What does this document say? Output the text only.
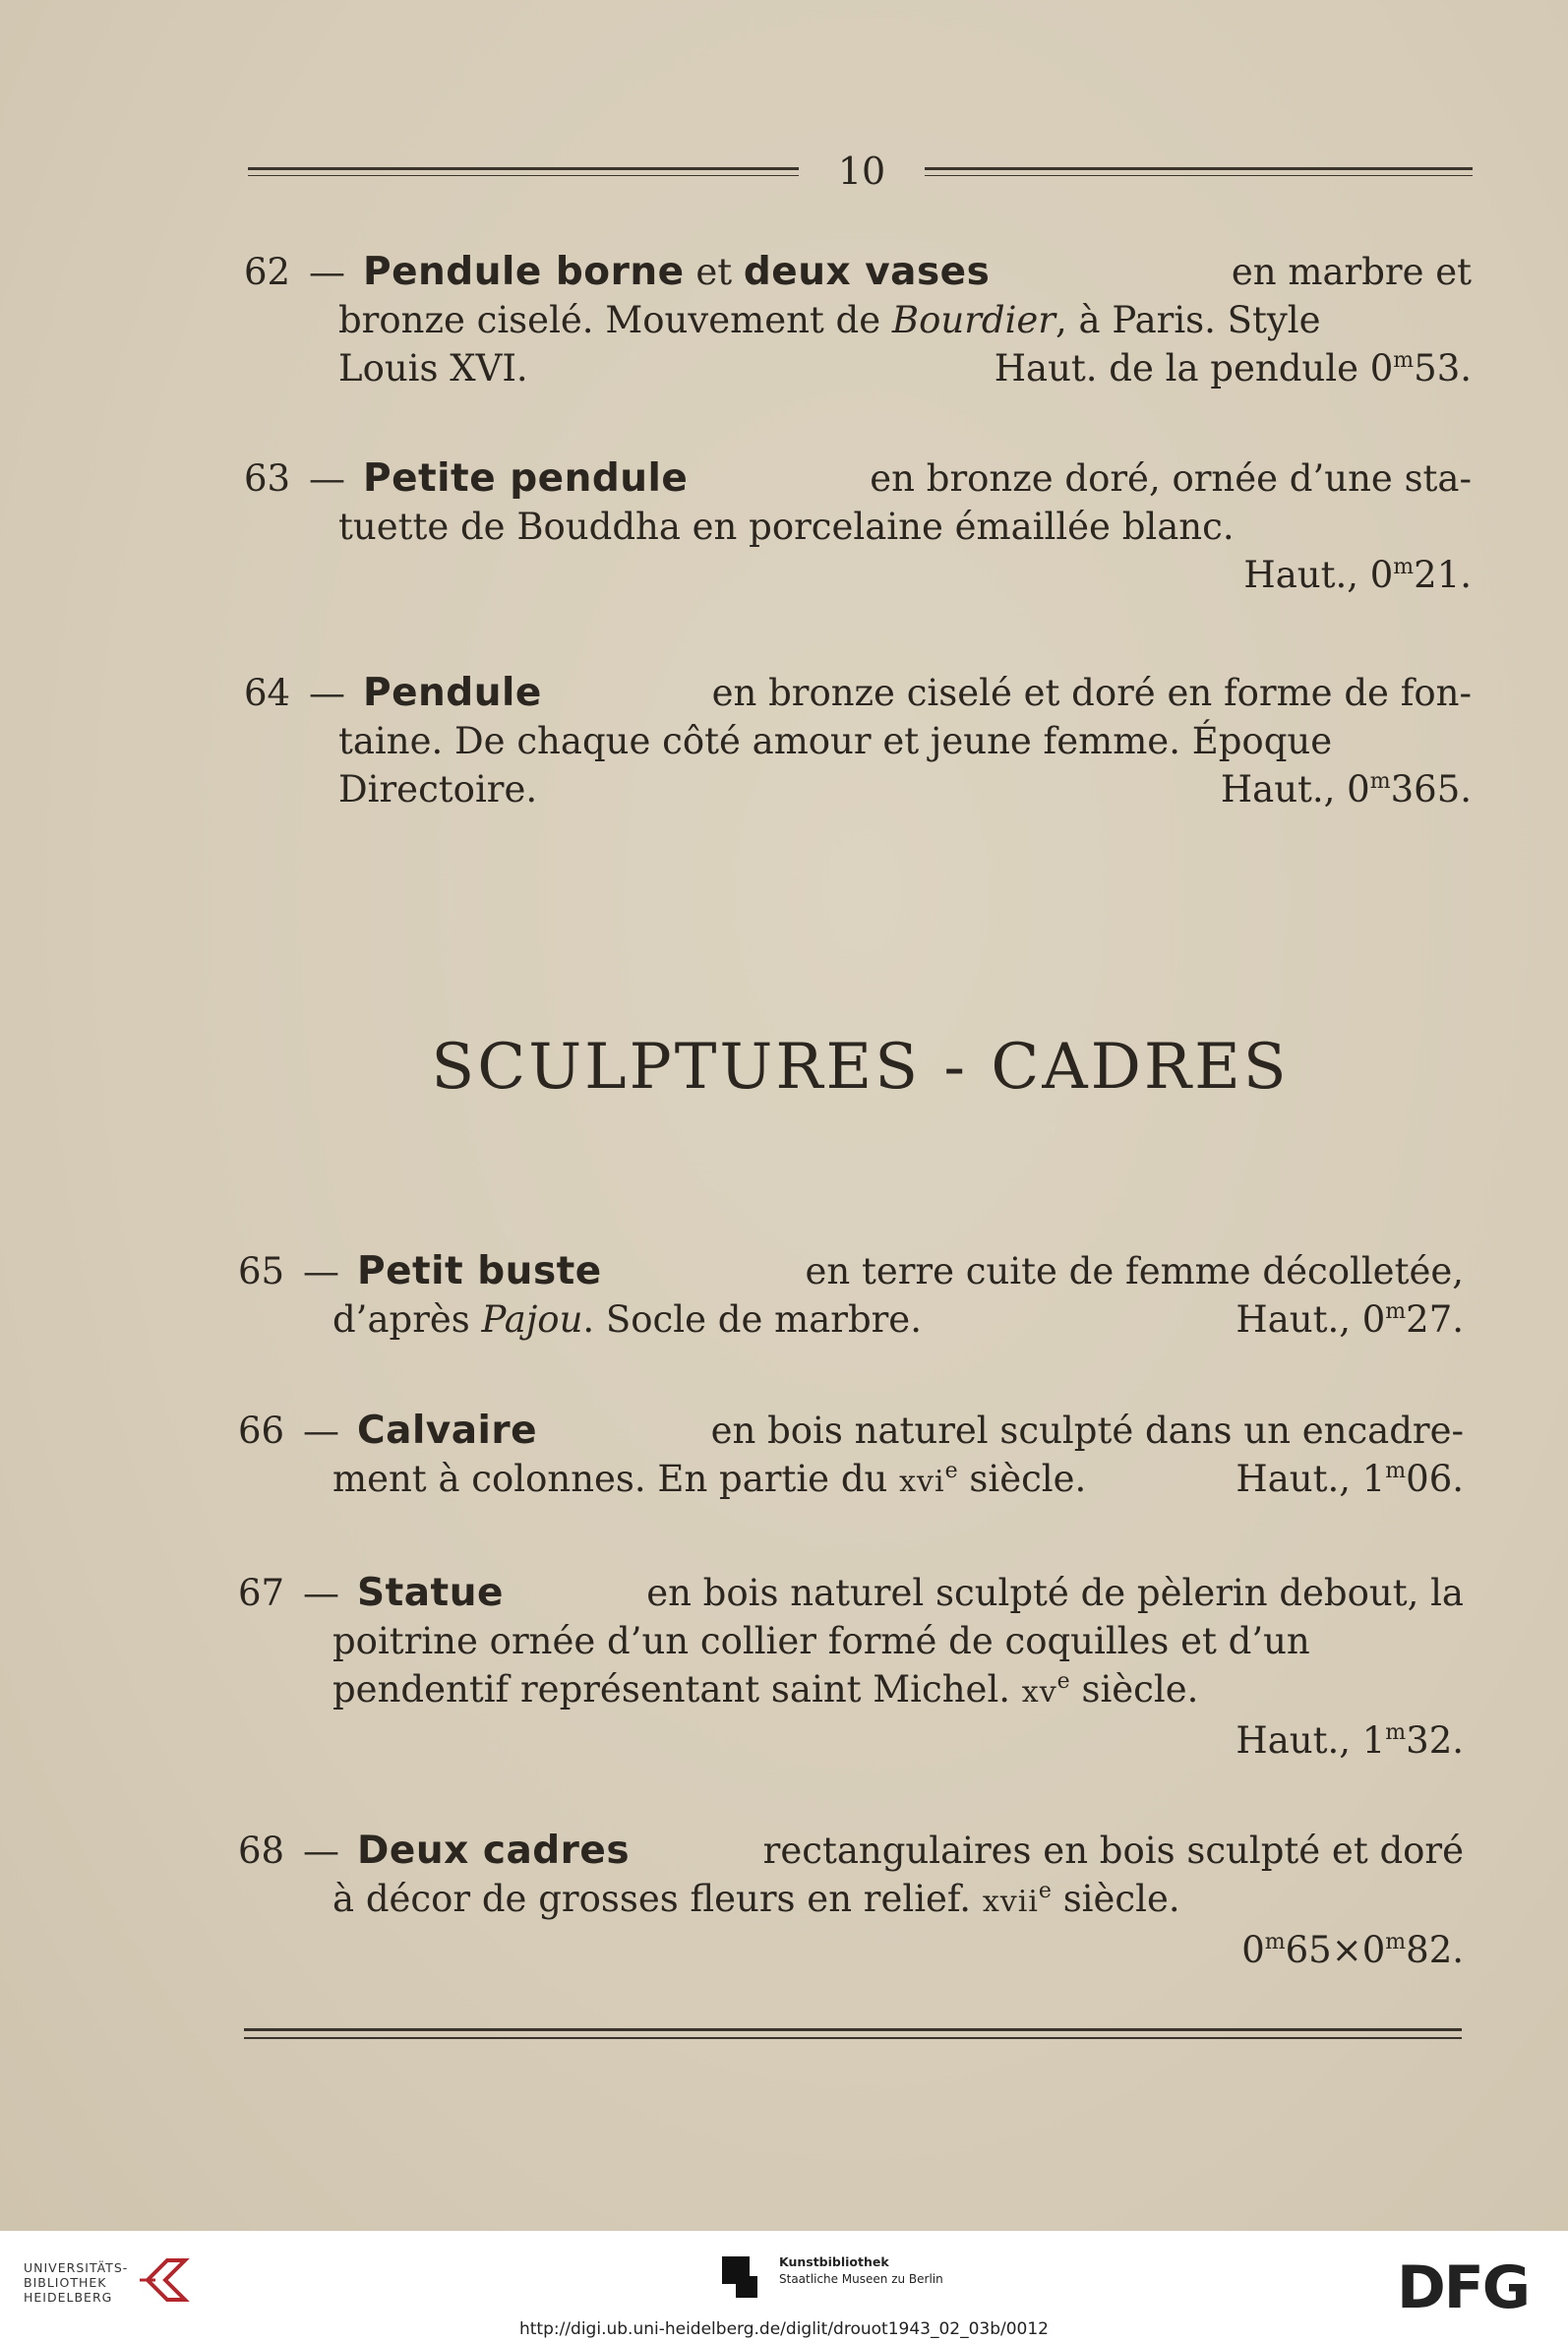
10
62 — Pendule borne et deux vases	en marbre et
bronze ciselé. Mouvement de Bourdier, à Paris. Style
Louis XVI.	Haut. de la pendule 0$^m$53.
63 — Petite pendule	en bronze doré, ornée d’une sta-
tuette de Bouddha en porcelaine émaillée blanc.
Haut., 0$^m$21.
64 — Pendule	en bronze ciselé et doré en forme de fon-
taine. De chaque côté amour et jeune femme. Époque
Directoire.	Haut., 0$^m$365.
SCULPTURES - CADRES
65 — Petit buste	en terre cuite de femme décolletée,
d’après Pajou. Socle de marbre.	Haut., 0$^m$27.
66 — Calvaire	en bois naturel sculpté dans un encadre-
ment à colonnes. En partie du xvi$^e$ siècle.	Haut., 1$^m$06.
67 — Statue	en bois naturel sculpté de pèlerin debout, la
poitrine ornée d’un collier formé de coquilles et d’un
pendentif représentant saint Michel. $xv^e$ siècle.
Haut., 1$^m$32.
68 — Deux cadres	rectangulaires en bois sculpté et doré
à décor de grosses fleurs en relief. xvii$^e$ siècle.
$0^m65\times 0^m82$.
UNIVERSITÄTS-
BIBLIOTHEK
HEIDELBERG
Kunstbibliothek
Staatliche Museen zu Berlin	DFG
http://digi.ub.uni-heidelberg.de/diglit/drouot1943_02_03b/0012
